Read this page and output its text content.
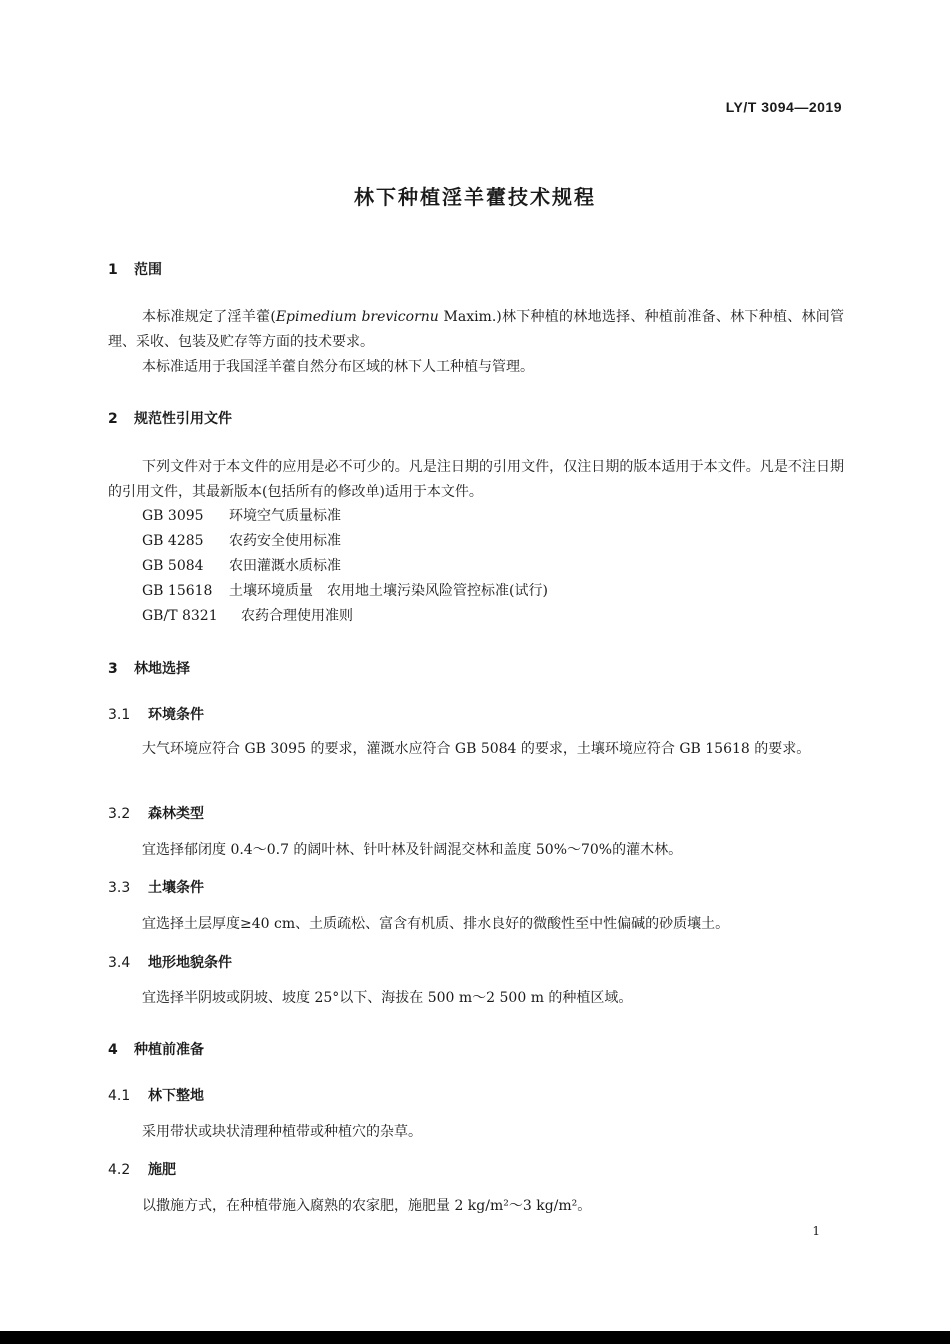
LY/T 3094—2019
林下种植淫羊藿技术规程
1 范围
本标准规定了淫羊藿(Epimedium brevicornu Maxim.)林下种植的林地选择、种植前准备、林下种植、林间管理、采收、包装及贮存等方面的技术要求。
本标准适用于我国淫羊藿自然分布区域的林下人工种植与管理。
2 规范性引用文件
下列文件对于本文件的应用是必不可少的。凡是注日期的引用文件，仅注日期的版本适用于本文件。凡是不注日期的引用文件，其最新版本(包括所有的修改单)适用于本文件。
GB 3095 环境空气质量标准
GB 4285 农药安全使用标准
GB 5084 农田灌溉水质标准
GB 15618 土壤环境质量　农用地土壤污染风险管控标准(试行)
GB/T 8321 农药合理使用准则
3 林地选择
3.1 环境条件
大气环境应符合 GB 3095 的要求，灌溉水应符合 GB 5084 的要求，土壤环境应符合 GB 15618 的要求。
3.2 森林类型
宜选择郁闭度 0.4～0.7 的阔叶林、针叶林及针阔混交林和盖度 50%～70%的灌木林。
3.3 土壤条件
宜选择土层厚度≥40 cm、土质疏松、富含有机质、排水良好的微酸性至中性偏碱的砂质壤土。
3.4 地形地貌条件
宜选择半阴坡或阴坡、坡度 25°以下、海拔在 500 m～2 500 m 的种植区域。
4 种植前准备
4.1 林下整地
采用带状或块状清理种植带或种植穴的杂草。
4.2 施肥
以撒施方式，在种植带施入腐熟的农家肥，施肥量 2 kg/m²～3 kg/m²。
1
